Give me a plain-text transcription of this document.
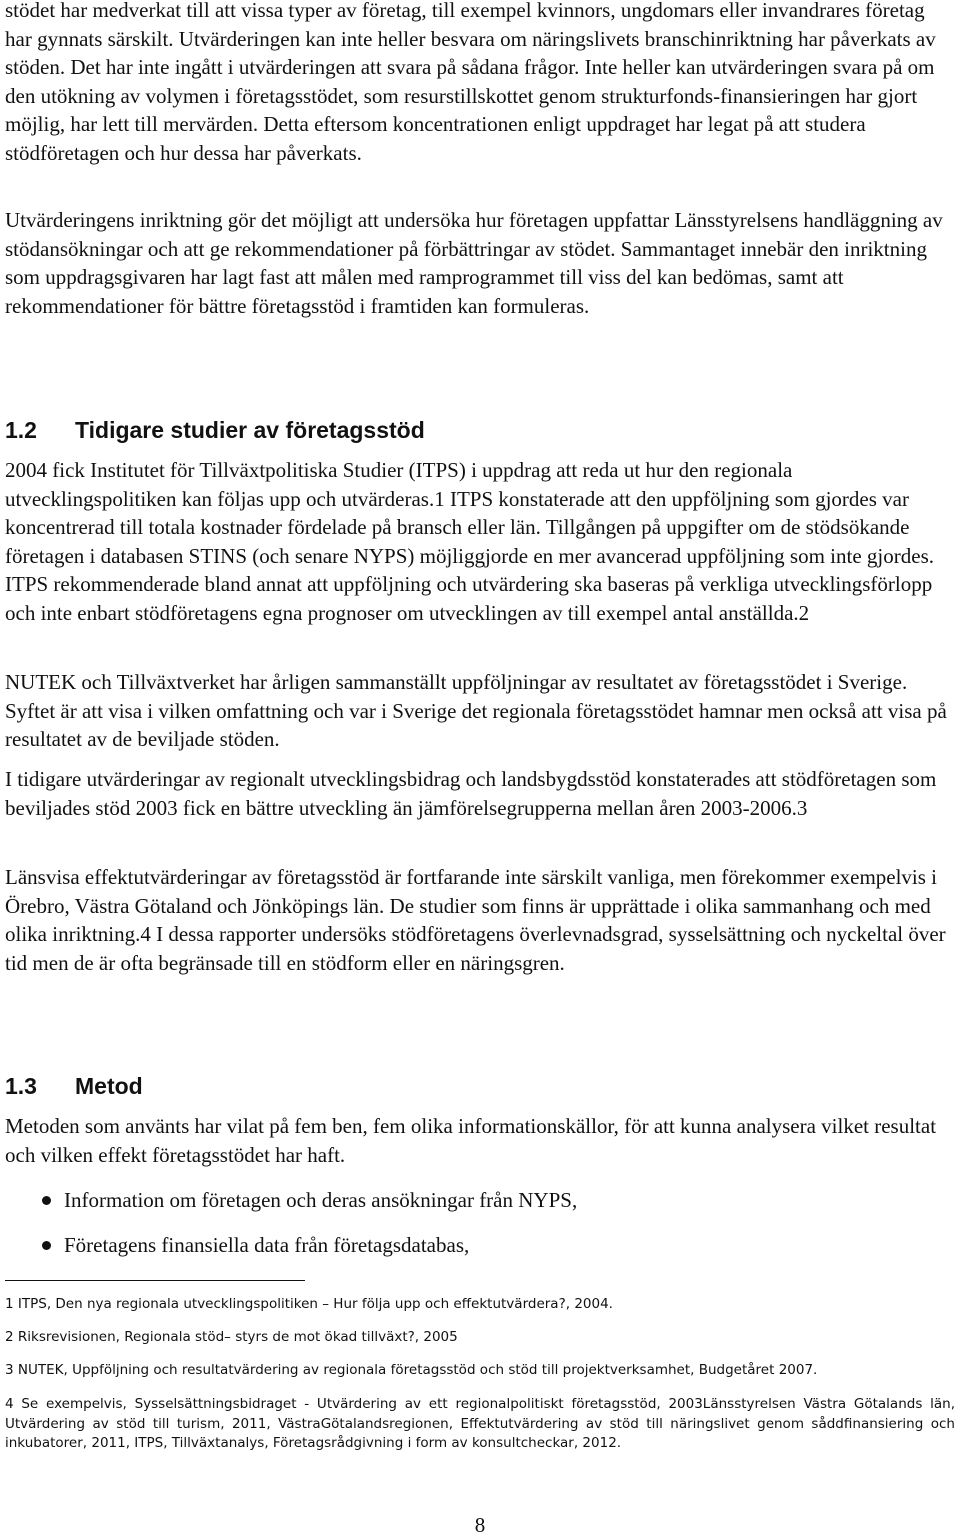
stödet har medverkat till att vissa typer av företag, till exempel kvinnors, ungdomars eller invandrares företag har gynnats särskilt. Utvärderingen kan inte heller besvara om näringslivets branschinriktning har påverkats av stöden. Det har inte ingått i utvärderingen att svara på sådana frågor. Inte heller kan utvärderingen svara på om den utökning av volymen i företagsstödet, som resurstillskottet genom strukturfonds-finansieringen har gjort möjlig, har lett till mervärden. Detta eftersom koncentrationen enligt uppdraget har legat på att studera stödföretagen och hur dessa har påverkats.

Utvärderingens inriktning gör det möjligt att undersöka hur företagen uppfattar Länsstyrelsens handläggning av stödansökningar och att ge rekommendationer på förbättringar av stödet. Sammantaget innebär den inriktning som uppdragsgivaren har lagt fast att målen med ramprogrammet till viss del kan bedömas, samt att rekommendationer för bättre företagsstöd i framtiden kan formuleras.

1.2 Tidigare studier av företagsstöd

2004 fick Institutet för Tillväxtpolitiska Studier (ITPS) i uppdrag att reda ut hur den regionala utvecklingspolitiken kan följas upp och utvärderas.1 ITPS konstaterade att den uppföljning som gjordes var koncentrerad till totala kostnader fördelade på bransch eller län. Tillgången på uppgifter om de stödsökande företagen i databasen STINS (och senare NYPS) möjliggjorde en mer avancerad uppföljning som inte gjordes. ITPS rekommenderade bland annat att uppföljning och utvärdering ska baseras på verkliga utvecklingsförlopp och inte enbart stödföretagens egna prognoser om utvecklingen av till exempel antal anställda.2

NUTEK och Tillväxtverket har årligen sammanställt uppföljningar av resultatet av företagsstödet i Sverige. Syftet är att visa i vilken omfattning och var i Sverige det regionala företagsstödet hamnar men också att visa på resultatet av de beviljade stöden.

I tidigare utvärderingar av regionalt utvecklingsbidrag och landsbygdsstöd konstaterades att stödföretagen som beviljades stöd 2003 fick en bättre utveckling än jämförelsegrupperna mellan åren 2003-2006.3

Länsvisa effektutvärderingar av företagsstöd är fortfarande inte särskilt vanliga, men förekommer exempelvis i Örebro, Västra Götaland och Jönköpings län. De studier som finns är upprättade i olika sammanhang och med olika inriktning.4 I dessa rapporter undersöks stödföretagens överlevnadsgrad, sysselsättning och nyckeltal över tid men de är ofta begränsade till en stödform eller en näringsgren.

1.3 Metod

Metoden som använts har vilat på fem ben, fem olika informationskällor, för att kunna analysera vilket resultat och vilken effekt företagsstödet har haft.

Information om företagen och deras ansökningar från NYPS,
Företagens finansiella data från företagsdatabas,

1 ITPS, Den nya regionala utvecklingspolitiken – Hur följa upp och effektutvärdera?, 2004.

2 Riksrevisionen, Regionala stöd– styrs de mot ökad tillväxt?, 2005

3 NUTEK, Uppföljning och resultatvärdering av regionala företagsstöd och stöd till projektverksamhet, Budgetåret 2007.

4 Se exempelvis, Sysselsättningsbidraget - Utvärdering av ett regionalpolitiskt företagsstöd, 2003Länsstyrelsen Västra Götalands län, Utvärdering av stöd till turism, 2011, VästraGötalandsregionen, Effektutvärdering av stöd till näringslivet genom såddfinansiering och inkubatorer, 2011, ITPS, Tillväxtanalys, Företagsrådgivning i form av konsultcheckar, 2012.

8
